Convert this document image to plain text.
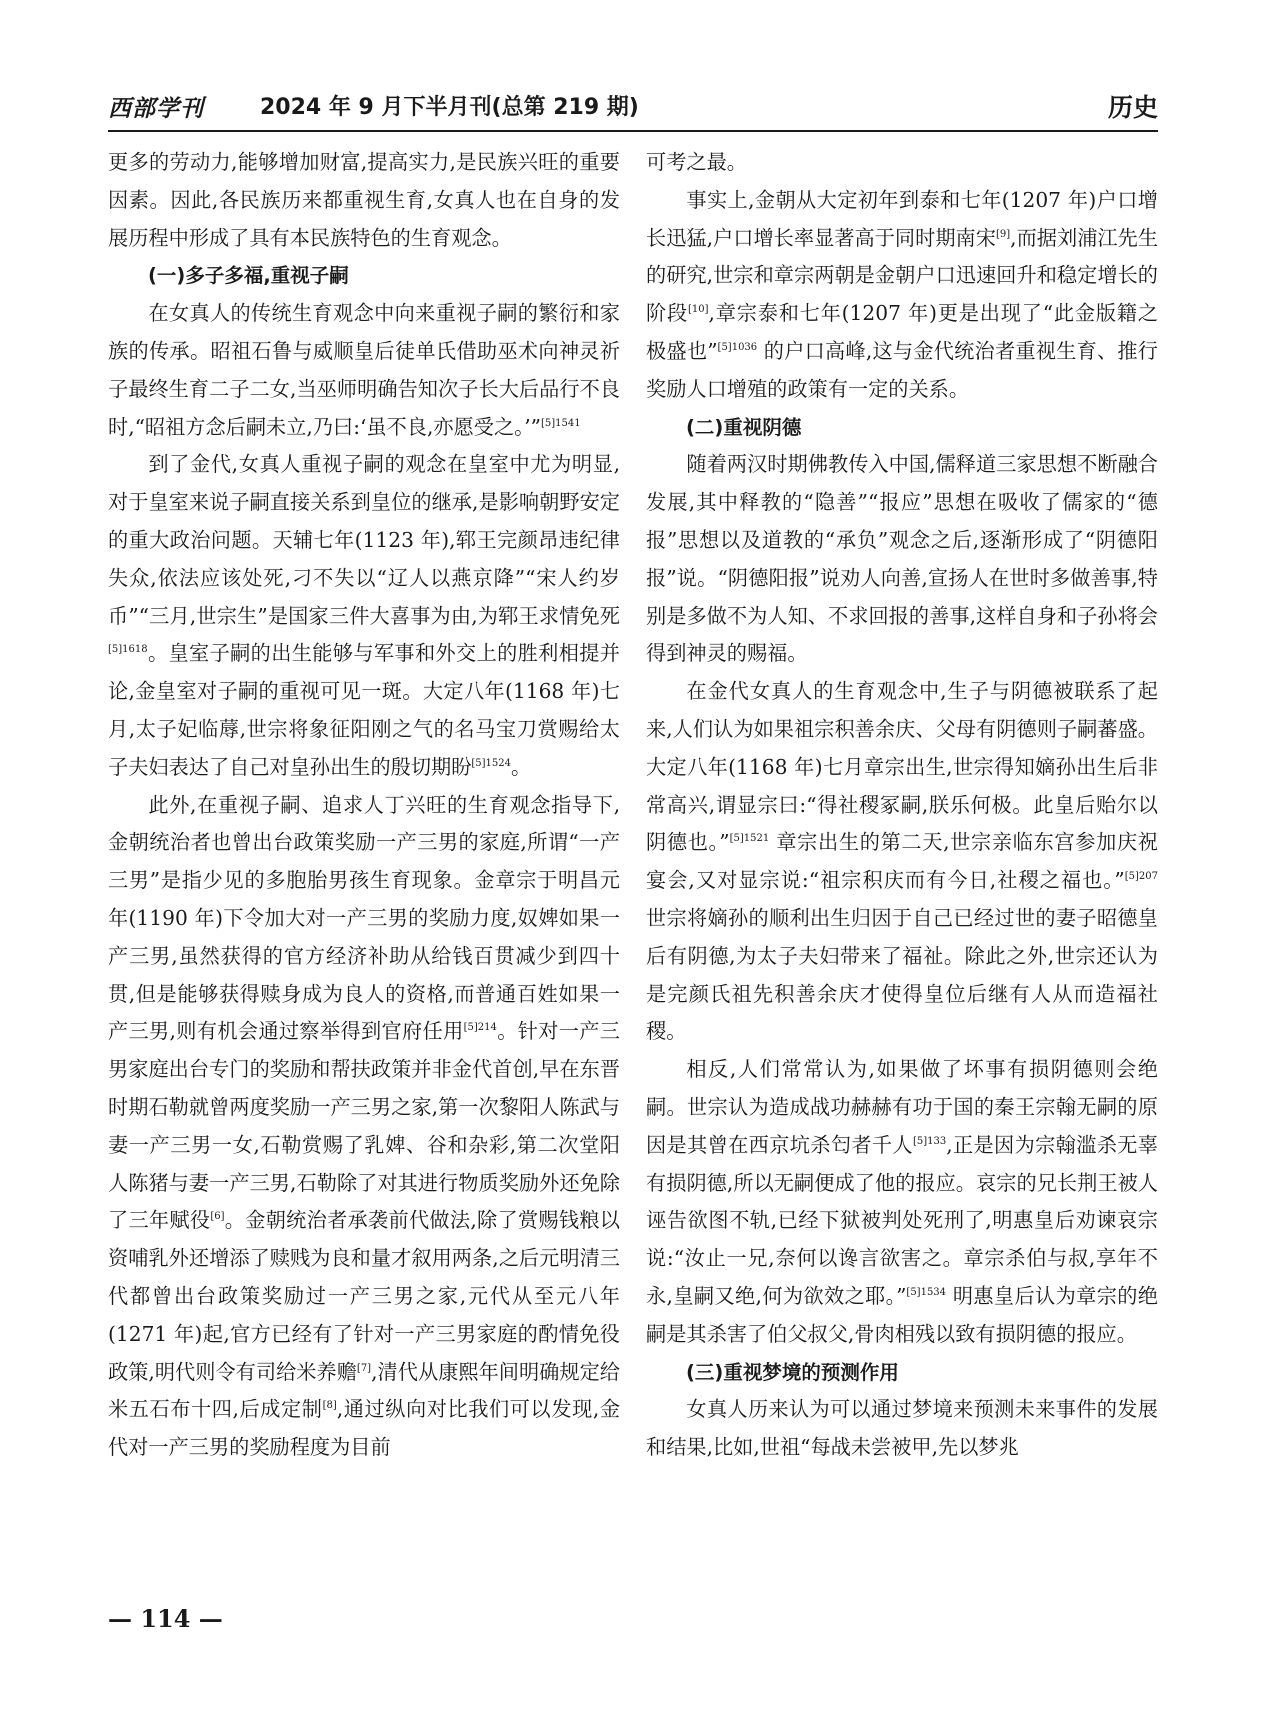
西部学刊	2024 年 9 月下半月刊(总第 219 期)	历史

更多的劳动力,能够增加财富,提高实力,是民族兴旺的重要因素。因此,各民族历来都重视生育,女真人也在自身的发展历程中形成了具有本民族特色的生育观念。

(一)多子多福,重视子嗣

在女真人的传统生育观念中向来重视子嗣的繁衍和家族的传承。昭祖石鲁与威顺皇后徒单氏借助巫术向神灵祈子最终生育二子二女,当巫师明确告知次子长大后品行不良时,“昭祖方念后嗣未立,乃曰:‘虽不良,亦愿受之。’”$^{[5]1541}$

到了金代,女真人重视子嗣的观念在皇室中尤为明显,对于皇室来说子嗣直接关系到皇位的继承,是影响朝野安定的重大政治问题。天辅七年(1123 年),郓王完颜昂违纪律失众,依法应该处死,刁不失以“辽人以燕京降”“宋人约岁币”“三月,世宗生”是国家三件大喜事为由,为郓王求情免死$^{[5]1618}$。皇室子嗣的出生能够与军事和外交上的胜利相提并论,金皇室对子嗣的重视可见一斑。大定八年(1168 年)七月,太子妃临蓐,世宗将象征阳刚之气的名马宝刀赏赐给太子夫妇表达了自己对皇孙出生的殷切期盼$^{[5]1524}$。

此外,在重视子嗣、追求人丁兴旺的生育观念指导下,金朝统治者也曾出台政策奖励一产三男的家庭,所谓“一产三男”是指少见的多胞胎男孩生育现象。金章宗于明昌元年(1190 年)下令加大对一产三男的奖励力度,奴婢如果一产三男,虽然获得的官方经济补助从给钱百贯减少到四十贯,但是能够获得赎身成为良人的资格,而普通百姓如果一产三男,则有机会通过察举得到官府任用$^{[5]214}$。针对一产三男家庭出台专门的奖励和帮扶政策并非金代首创,早在东晋时期石勒就曾两度奖励一产三男之家,第一次黎阳人陈武与妻一产三男一女,石勒赏赐了乳婢、谷和杂彩,第二次堂阳人陈猪与妻一产三男,石勒除了对其进行物质奖励外还免除了三年赋役[6]。金朝统治者承袭前代做法,除了赏赐钱粮以资哺乳外还增添了赎贱为良和量才叙用两条,之后元明清三代都曾出台政策奖励过一产三男之家,元代从至元八年(1271 年)起,官方已经有了针对一产三男家庭的酌情免役政策,明代则令有司给米养赡[7],清代从康熙年间明确规定给米五石布十四,后成定制[8],通过纵向对比我们可以发现,金代对一产三男的奖励程度为目前

可考之最。

事实上,金朝从大定初年到泰和七年(1207 年)户口增长迅猛,户口增长率显著高于同时期南宋[9],而据刘浦江先生的研究,世宗和章宗两朝是金朝户口迅速回升和稳定增长的阶段[10],章宗泰和七年(1207 年)更是出现了“此金版籍之极盛也”$^{[5]1036}$ 的户口高峰,这与金代统治者重视生育、推行奖励人口增殖的政策有一定的关系。

(二)重视阴德

随着两汉时期佛教传入中国,儒释道三家思想不断融合发展,其中释教的“隐善”“报应”思想在吸收了儒家的“德报”思想以及道教的“承负”观念之后,逐渐形成了“阴德阳报”说。“阴德阳报”说劝人向善,宣扬人在世时多做善事,特别是多做不为人知、不求回报的善事,这样自身和子孙将会得到神灵的赐福。

在金代女真人的生育观念中,生子与阴德被联系了起来,人们认为如果祖宗积善余庆、父母有阴德则子嗣蕃盛。大定八年(1168 年)七月章宗出生,世宗得知嫡孙出生后非常高兴,谓显宗曰:“得社稷冢嗣,朕乐何极。此皇后贻尔以阴德也。”$^{[5]1521}$ 章宗出生的第二天,世宗亲临东宫参加庆祝宴会,又对显宗说:“祖宗积庆而有今日,社稷之福也。”$^{[5]207}$ 世宗将嫡孙的顺利出生归因于自己已经过世的妻子昭德皇后有阴德,为太子夫妇带来了福祉。除此之外,世宗还认为是完颜氏祖先积善余庆才使得皇位后继有人从而造福社稷。

相反,人们常常认为,如果做了坏事有损阴德则会绝嗣。世宗认为造成战功赫赫有功于国的秦王宗翰无嗣的原因是其曾在西京坑杀匄者千人$^{[5]133}$,正是因为宗翰滥杀无辜有损阴德,所以无嗣便成了他的报应。哀宗的兄长荆王被人诬告欲图不轨,已经下狱被判处死刑了,明惠皇后劝谏哀宗说:“汝止一兄,奈何以谗言欲害之。章宗杀伯与叔,享年不永,皇嗣又绝,何为欲效之耶。”$^{[5]1534}$ 明惠皇后认为章宗的绝嗣是其杀害了伯父叔父,骨肉相残以致有损阴德的报应。

(三)重视梦境的预测作用

女真人历来认为可以通过梦境来预测未来事件的发展和结果,比如,世祖“每战未尝被甲,先以梦兆

— 114 —
